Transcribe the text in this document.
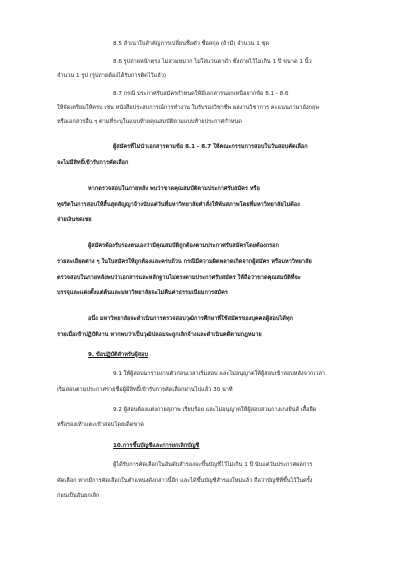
8.5 สำเนาใบสำคัญการเปลี่ยนชื่อตัว ชื่อสกุล (ถ้ามี) จำนวน 1 ชุด
8.6 รูปถ่ายหน้าตรง ไม่สวมหมวก ไม่ใส่แว่นตาดำ ซึ่งถ่ายไว้ไม่เกิน 1 ปี ขนาด 1 นิ้ว
จำนวน 1 รูป (รูปถ่ายต้องได้รับการติดไว้แล้ว)
8.7 กรณี ประกาศรับสมัครกำหนดให้มีเอกสารนอกเหนือจากข้อ 8.1 - 8.6
ให้จัดเตรียมให้ครบ เช่น หนังสือประสบการณ์การทำงาน ใบรับรองวิชาชีพ ผลงานวิชาการ คะแนนภาษาอังกฤษ
หรือเอกสารอื่น ๆ ตามที่ระบุในแบบท้ายคุณสมบัติตามแบบท้ายประกาศกำหนด
ผู้สมัครที่ไม่นำเอกสารตามข้อ 8.1 - 8.7 ให้คณะกรรมการสอบในวันสอบคัดเลือก
จะไม่มีสิทธิ์เข้ารับการคัดเลือก
หากตรวจสอบในภายหลัง พบว่าขาดคุณสมบัติตามประกาศรับสมัคร หรือ
ทุจริตในการสอบให้สิ้นสุดสัญญาจ้างนับแต่วันที่มหาวิทยาลัยคำสั่งให้พ้นสภาพโดยที่มหาวิทยาลัยไม่ต้อง
จ่ายเงินชดเชย
ผู้สมัครต้องรับรองตนเองว่ามีคุณสมบัติถูกต้องตามประกาศรับสมัครโดยต้องกรอก
รายละเอียดต่าง ๆ ในใบสมัครให้ถูกต้องและครบถ้วน กรณีมีความผิดพลาดเกิดจากผู้สมัคร หรือมหาวิทยาลัย
ตรวจสอบในภายหลังพบว่าเอกสารและหลักฐานไม่ตรงตามประกาศรับสมัคร ให้ถือว่าขาดคุณสมบัติที่จะ
บรรจุและแต่งตั้งแต่ต้นและมหาวิทยาลัยจะไม่คืนค่าธรรมเนียมการสมัคร
อนึ่ง มหาวิทยาลัยจะดำเนินการตรวจสอบวุฒิการศึกษาที่ใช้สมัครของบุคคลผู้สอบได้ทุก
รายเมื่อเข้าปฏิบัติงาน หากพบว่าเป็นวุฒิปลอมจะถูกเลิกจ้างและดำเนินคดีตามกฎหมาย
9. ข้อปฏิบัติสำหรับผู้สอบ
9.1 ให้ผู้สอบมารายงานตัวก่อนเวลาเริ่มสอบ และไม่อนุญาตให้ผู้สอบเข้าสอบหลังจากเวลา
เริ่มสอบตามประกาศรายชื่อผู้มีสิทธิ์เข้ารับการคัดเลือกผ่านไปแล้ว 30 นาที
9.2 ผู้สอบต้องแต่งกายสุภาพ เรียบร้อย และไม่อนุญาตให้ผู้สอบสวมกางเกงยีนส์ เสื้อยืด
หรือรองเท้าแตะเข้าสอบโดยเด็ดขาด
10.การขึ้นบัญชีและการยกเลิกบัญชี
ผู้ได้รับการคัดเลือกในอันดับสำรองจะขึ้นบัญชีไว้ไม่เกิน 1 ปี นับแต่วันประกาศผลการ
คัดเลือก หากมีการคัดเลือกในตำแหน่งดังกล่าวนี้อีก และได้ขึ้นบัญชีสำรองใหม่แล้ว ถือว่าบัญชีที่ขึ้นไว้ในครั้ง
ก่อนเป็นอันยกเลิก
